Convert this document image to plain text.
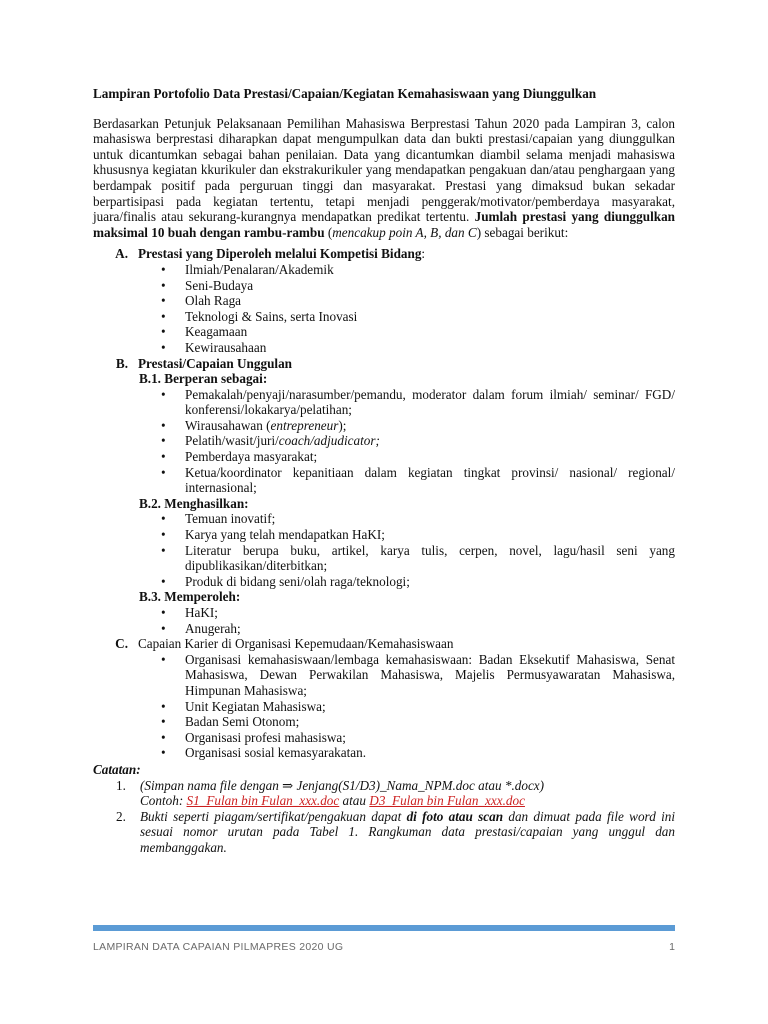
Lampiran Portofolio Data Prestasi/Capaian/Kegiatan Kemahasiswaan yang Diunggulkan

Berdasarkan Petunjuk Pelaksanaan Pemilihan Mahasiswa Berprestasi Tahun 2020 pada Lampiran 3, calon mahasiswa berprestasi diharapkan dapat mengumpulkan data dan bukti prestasi/capaian yang diunggulkan untuk dicantumkan sebagai bahan penilaian. Data yang dicantumkan diambil selama menjadi mahasiswa khususnya kegiatan kkurikuler dan ekstrakurikuler yang mendapatkan pengakuan dan/atau penghargaan yang berdampak positif pada perguruan tinggi dan masyarakat. Prestasi yang dimaksud bukan sekadar berpartisipasi pada kegiatan tertentu, tetapi menjadi penggerak/motivator/pemberdaya masyarakat, juara/finalis atau sekurang-kurangnya mendapatkan predikat tertentu. Jumlah prestasi yang diunggulkan maksimal 10 buah dengan rambu-rambu (mencakup poin A, B, dan C) sebagai berikut:

A. Prestasi yang Diperoleh melalui Kompetisi Bidang:
• Ilmiah/Penalaran/Akademik
• Seni-Budaya
• Olah Raga
• Teknologi & Sains, serta Inovasi
• Keagamaan
• Kewirausahaan
B. Prestasi/Capaian Unggulan
B.1. Berperan sebagai:
• Pemakalah/penyaji/narasumber/pemandu, moderator dalam forum ilmiah/ seminar/ FGD/ konferensi/lokakarya/pelatihan;
• Wirausahawan (entrepreneur);
• Pelatih/wasit/juri/coach/adjudicator;
• Pemberdaya masyarakat;
• Ketua/koordinator kepanitiaan dalam kegiatan tingkat provinsi/ nasional/ regional/ internasional;
B.2. Menghasilkan:
• Temuan inovatif;
• Karya yang telah mendapatkan HaKI;
• Literatur berupa buku, artikel, karya tulis, cerpen, novel, lagu/hasil seni yang dipublikasikan/diterbitkan;
• Produk di bidang seni/olah raga/teknologi;
B.3. Memperoleh:
• HaKI;
• Anugerah;
C. Capaian Karier di Organisasi Kepemudaan/Kemahasiswaan
• Organisasi kemahasiswaan/lembaga kemahasiswaan: Badan Eksekutif Mahasiswa, Senat Mahasiswa, Dewan Perwakilan Mahasiswa, Majelis Permusyawaratan Mahasiswa, Himpunan Mahasiswa;
• Unit Kegiatan Mahasiswa;
• Badan Semi Otonom;
• Organisasi profesi mahasiswa;
• Organisasi sosial kemasyarakatan.
Catatan:
1. (Simpan nama file dengan ⇒ Jenjang(S1/D3)_Nama_NPM.doc atau *.docx)
Contoh: S1_Fulan bin Fulan_xxx.doc atau D3_Fulan bin Fulan_xxx.doc
2. Bukti seperti piagam/sertifikat/pengakuan dapat di foto atau scan dan dimuat pada file word ini sesuai nomor urutan pada Tabel 1. Rangkuman data prestasi/capaian yang unggul dan membanggakan.
LAMPIRAN DATA CAPAIAN PILMAPRES 2020 UG	1
